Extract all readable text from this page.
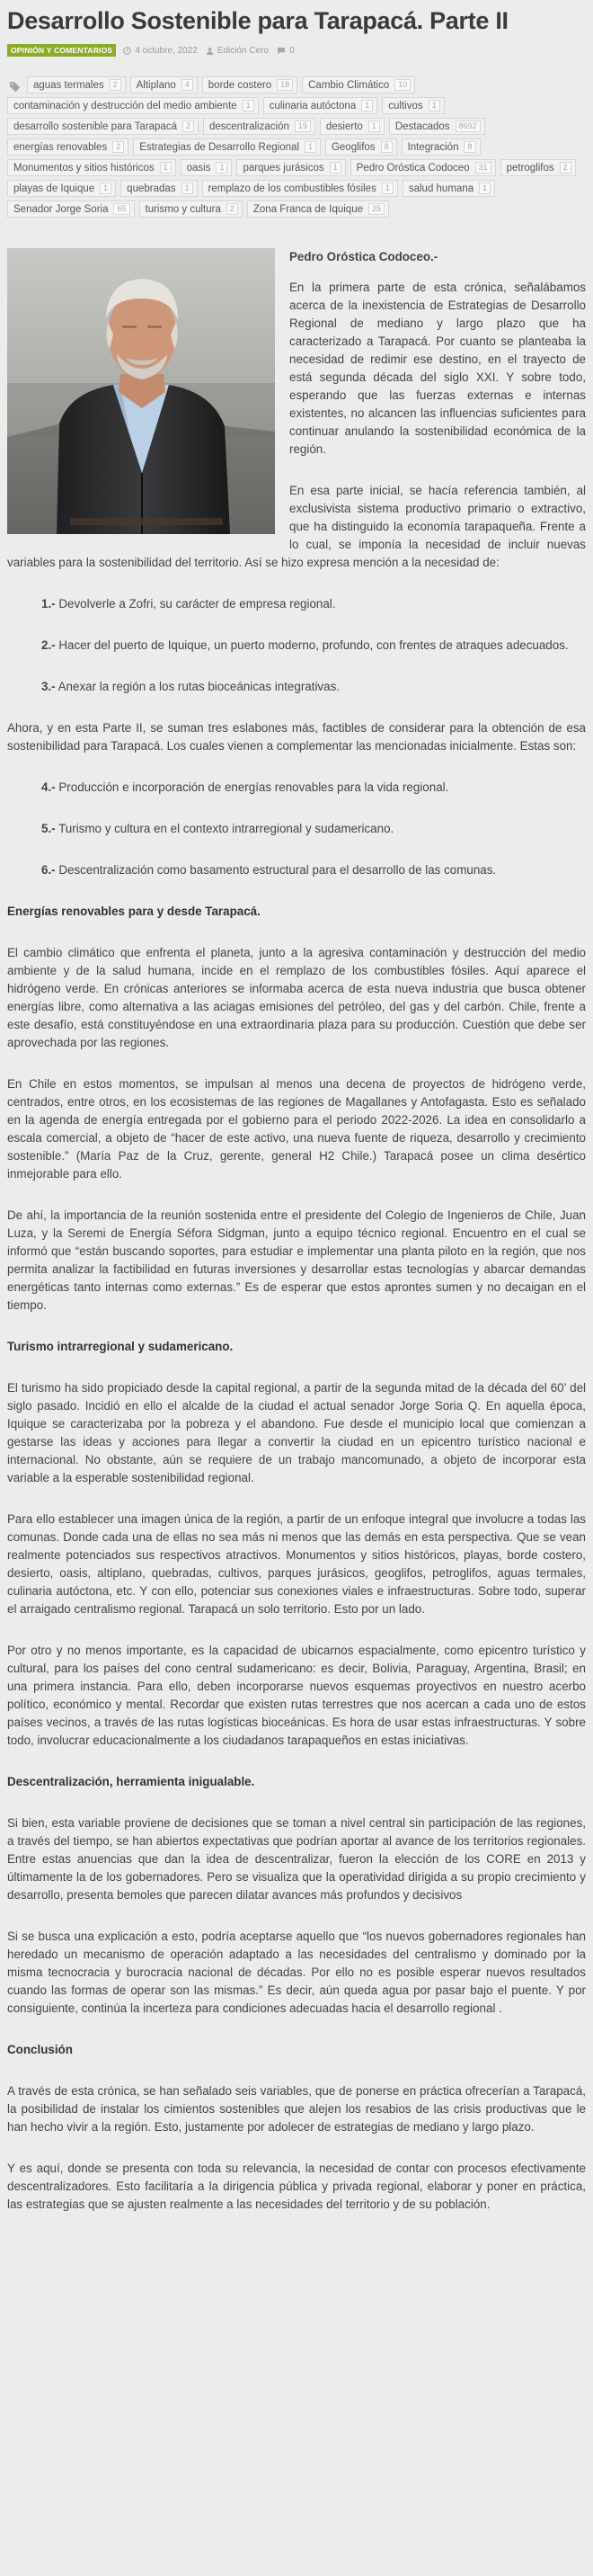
Desarrollo Sostenible para Tarapacá. Parte II
OPINIÓN Y COMENTARIOS	4 octubre, 2022 Edición Cero 0
aguas termales	2	Altiplano	4	borde costero	18	Cambio Climático	10
contaminación y destrucción del medio ambiente	1	culinaria autóctona	1	cultivos	1
desarrollo sostenible para Tarapacá	2	descentralización	19	desierto	1	Destacados	8692
energías renovables	2	Estrategias de Desarrollo Regional	1	Geoglifos	8	Integración	8
Monumentos y sitios históricos	1	oasis	1	parques jurásicos	1	Pedro Oróstica Codoceo	31	petroglifos	2
playas de Iquique	1	quebradas	1	remplazo de los combustibles fósiles	1	salud humana	1
Senador Jorge Soria	65	turismo y cultura	2	Zona Franca de Iquique	25

Pedro Oróstica Codoceo.-

En la primera parte de esta crónica, señalábamos acerca de la inexistencia de Estrategias de Desarrollo Regional de mediano y largo plazo que ha caracterizado a Tarapacá. Por cuanto se planteaba la necesidad de redimir ese destino, en el trayecto de está segunda década del siglo XXI. Y sobre todo, esperando que las fuerzas externas e internas existentes, no alcancen las influencias suficientes para continuar anulando la sostenibilidad económica de la región.

En esa parte inicial, se hacía referencia también, al exclusivista sistema productivo primario o extractivo, que ha distinguido la economía tarapaqueña. Frente a lo cual, se imponía la necesidad de incluir nuevas variables para la sostenibilidad del territorio. Así se hizo expresa mención a la necesidad de:

1.- Devolverle a Zofri, su carácter de empresa regional.

2.- Hacer del puerto de Iquique, un puerto moderno, profundo, con frentes de atraques adecuados.

3.- Anexar la región a los rutas bioceánicas integrativas.

Ahora, y en esta Parte II, se suman tres eslabones más, factibles de considerar para la obtención de esa sostenibilidad para Tarapacá. Los cuales vienen a complementar las mencionadas inicialmente. Estas son:

4.- Producción e incorporación de energías renovables para la vida regional.

5.- Turismo y cultura en el contexto intrarregional y sudamericano.

6.- Descentralización como basamento estructural para el desarrollo de las comunas.

Energías renovables para y desde Tarapacá.

El cambio climático que enfrenta el planeta, junto a la agresiva contaminación y destrucción del medio ambiente y de la salud humana, incide en el remplazo de los combustibles fósiles. Aquí aparece el hidrógeno verde. En crónicas anteriores se informaba acerca de esta nueva industria que busca obtener energías libre, como alternativa a las aciagas emisiones del petróleo, del gas y del carbón. Chile, frente a este desafío, está constituyéndose en una extraordinaria plaza para su producción. Cuestión que debe ser aprovechada por las regiones.

En Chile en estos momentos, se impulsan al menos una decena de proyectos de hidrógeno verde, centrados, entre otros, en los ecosistemas de las regiones de Magallanes y Antofagasta. Esto es señalado en la agenda de energía entregada por el gobierno para el periodo 2022-2026. La idea en consolidarlo a escala comercial, a objeto de “hacer de este activo, una nueva fuente de riqueza, desarrollo y crecimiento sostenible.” (María Paz de la Cruz, gerente, general H2 Chile.) Tarapacá posee un clima desértico inmejorable para ello.

De ahí, la importancia de la reunión sostenida entre el presidente del Colegio de Ingenieros de Chile, Juan Luza, y la Seremi de Energía Séfora Sidgman, junto a equipo técnico regional. Encuentro en el cual se informó que “están buscando soportes, para estudiar e implementar una planta piloto en la región, que nos permita analizar la factibilidad en futuras inversiones y desarrollar estas tecnologías y abarcar demandas energéticas tanto internas como externas.” Es de esperar que estos aprontes sumen y no decaigan en el tiempo.

Turismo intrarregional y sudamericano.

El turismo ha sido propiciado desde la capital regional, a partir de la segunda mitad de la década del 60’ del siglo pasado. Incidió en ello el alcalde de la ciudad el actual senador Jorge Soria Q. En aquella época, Iquique se caracterizaba por la pobreza y el abandono. Fue desde el municipio local que comienzan a gestarse las ideas y acciones para llegar a convertir la ciudad en un epicentro turístico nacional e internacional. No obstante, aún se requiere de un trabajo mancomunado, a objeto de incorporar esta variable a la esperable sostenibilidad regional.

Para ello establecer una imagen única de la región, a partir de un enfoque integral que involucre a todas las comunas. Donde cada una de ellas no sea más ni menos que las demás en esta perspectiva. Que se vean realmente potenciados sus respectivos atractivos. Monumentos y sitios históricos, playas, borde costero, desierto, oasis, altiplano, quebradas, cultivos, parques jurásicos, geoglifos, petroglifos, aguas termales, culinaria autóctona, etc. Y con ello, potenciar sus conexiones viales e infraestructuras. Sobre todo, superar el arraigado centralismo regional. Tarapacá un solo territorio. Esto por un lado.

Por otro y no menos importante, es la capacidad de ubicarnos espacialmente, como epicentro turístico y cultural, para los países del cono central sudamericano: es decir, Bolivia, Paraguay, Argentina, Brasil; en una primera instancia. Para ello, deben incorporarse nuevos esquemas proyectivos en nuestro acerbo político, económico y mental. Recordar que existen rutas terrestres que nos acercan a cada uno de estos países vecinos, a través de las rutas logísticas bioceánicas. Es hora de usar estas infraestructuras. Y sobre todo, involucrar educacionalmente a los ciudadanos tarapaqueños en estas iniciativas.

Descentralización, herramienta inigualable.

Si bien, esta variable proviene de decisiones que se toman a nivel central sin participación de las regiones, a través del tiempo, se han abiertos expectativas que podrían aportar al avance de los territorios regionales. Entre estas anuencias que dan la idea de descentralizar, fueron la elección de los CORE en 2013 y últimamente la de los gobernadores. Pero se visualiza que la operatividad dirigida a su propio crecimiento y desarrollo, presenta bemoles que parecen dilatar avances más profundos y decisivos

Si se busca una explicación a esto, podría aceptarse aquello que “los nuevos gobernadores regionales han heredado un mecanismo de operación adaptado a las necesidades del centralismo y dominado por la misma tecnocracia y burocracia nacional de décadas. Por ello no es posible esperar nuevos resultados cuando las formas de operar son las mismas.” Es decir, aún queda agua por pasar bajo el puente. Y por consiguiente, continúa la incerteza para condiciones adecuadas hacia el desarrollo regional .

Conclusión

A través de esta crónica, se han señalado seis variables, que de ponerse en práctica ofrecerían a Tarapacá, la posibilidad de instalar los cimientos sostenibles que alejen los resabios de las crisis productivas que le han hecho vivir a la región. Esto, justamente por adolecer de estrategias de mediano y largo plazo.

Y es aquí, donde se presenta con toda su relevancia, la necesidad de contar con procesos efectivamente descentralizadores. Esto facilitaría a la dirigencia pública y privada regional, elaborar y poner en práctica, las estrategias que se ajusten realmente a las necesidades del territorio y de su población.
